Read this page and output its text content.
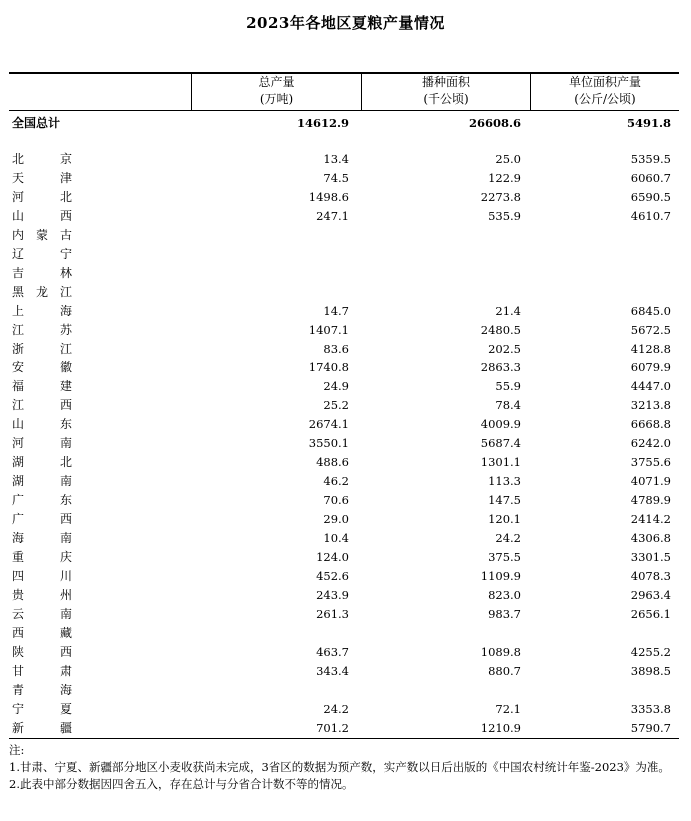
2023年各地区夏粮产量情况
总产量
(万吨)
播种面积
(千公顷)
单位面积产量
(公斤/公顷)
全国总计	14612.9	26608.6	5491.8
北京	13.4	25.0	5359.5
天津	74.5	122.9	6060.7
河北	1498.6	2273.8	6590.5
山西	247.1	535.9	4610.7
内蒙古
辽宁
吉林
黑龙江
上海	14.7	21.4	6845.0
江苏	1407.1	2480.5	5672.5
浙江	83.6	202.5	4128.8
安徽	1740.8	2863.3	6079.9
福建	24.9	55.9	4447.0
江西	25.2	78.4	3213.8
山东	2674.1	4009.9	6668.8
河南	3550.1	5687.4	6242.0
湖北	488.6	1301.1	3755.6
湖南	46.2	113.3	4071.9
广东	70.6	147.5	4789.9
广西	29.0	120.1	2414.2
海南	10.4	24.2	4306.8
重庆	124.0	375.5	3301.5
四川	452.6	1109.9	4078.3
贵州	243.9	823.0	2963.4
云南	261.3	983.7	2656.1
西藏
陕西	463.7	1089.8	4255.2
甘肃	343.4	880.7	3898.5
青海
宁夏	24.2	72.1	3353.8
新疆	701.2	1210.9	5790.7
注:
1.甘肃、宁夏、新疆部分地区小麦收获尚未完成，3省区的数据为预产数，实产数以日后出版的《中国农村统计年鉴-2023》为准。
2.此表中部分数据因四舍五入，存在总计与分省合计数不等的情况。
